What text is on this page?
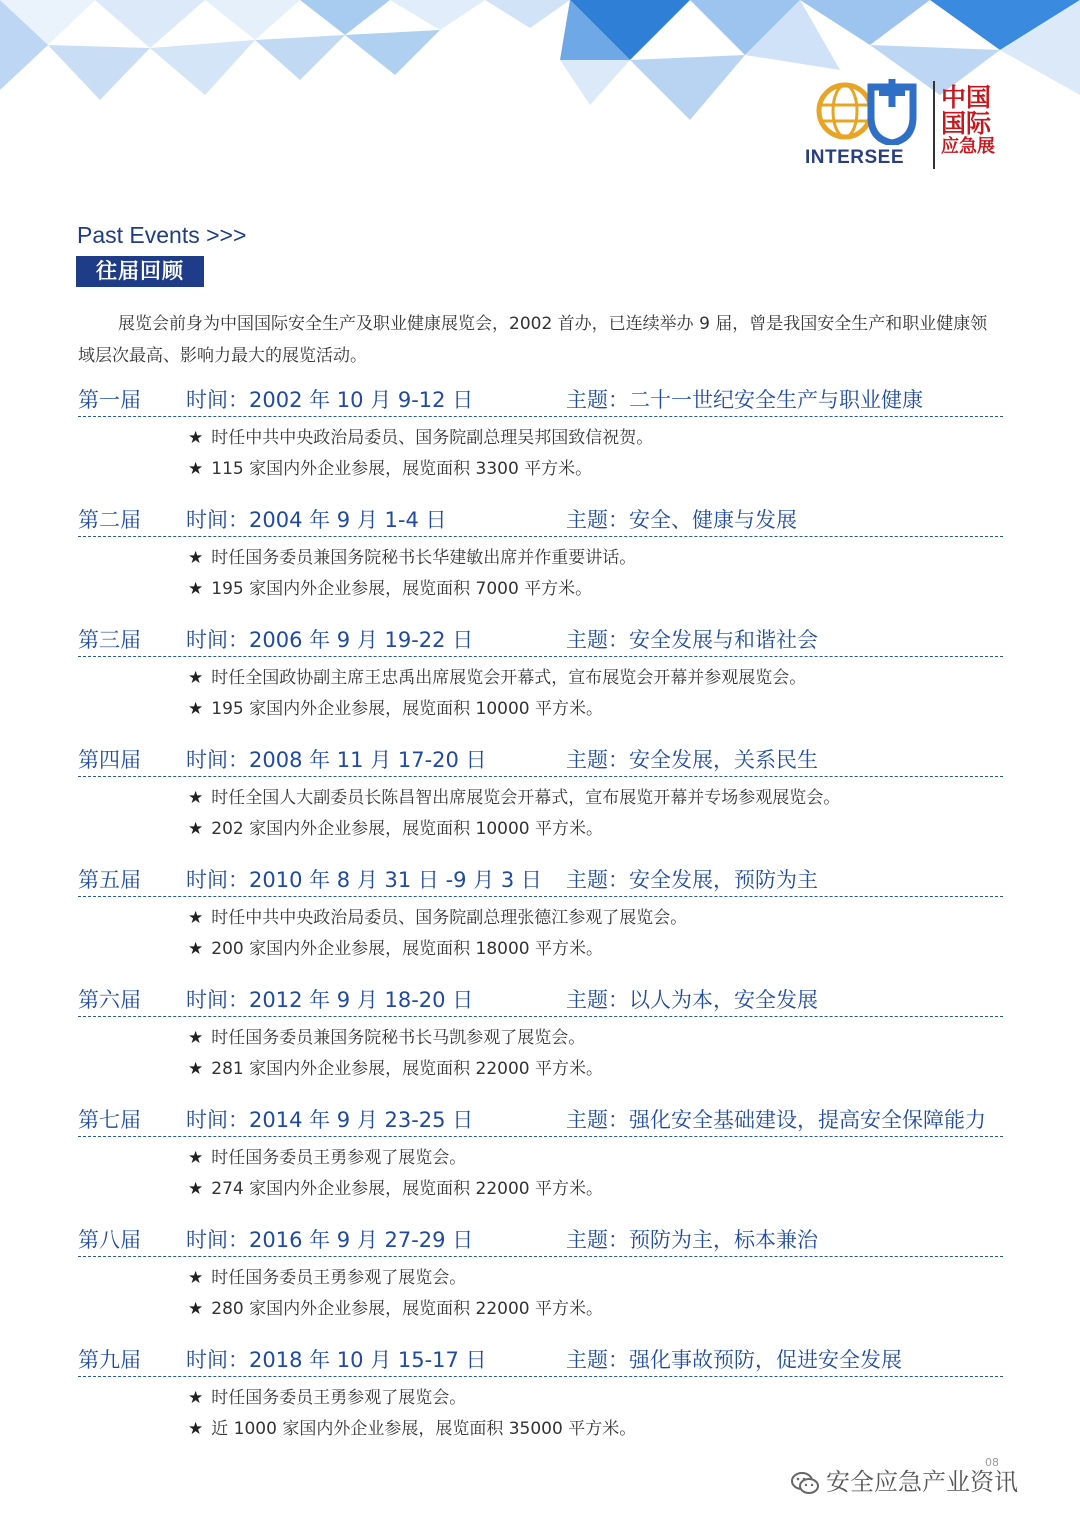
INTERSEE
中国
国际
应急展
Past Events >>>
往届回顾
展览会前身为中国国际安全生产及职业健康展览会，2002 首办，已连续举办 9 届，曾是我国安全生产和职业健康领域层次最高、影响力最大的展览活动。
第一届 时间：2002 年 10 月 9-12 日	主题：二十一世纪安全生产与职业健康
★ 时任中共中央政治局委员、国务院副总理吴邦国致信祝贺。
★ 115 家国内外企业参展，展览面积 3300 平方米。
第二届 时间：2004 年 9 月 1-4 日	主题：安全、健康与发展
★ 时任国务委员兼国务院秘书长华建敏出席并作重要讲话。
★ 195 家国内外企业参展，展览面积 7000 平方米。
第三届 时间：2006 年 9 月 19-22 日	主题：安全发展与和谐社会
★ 时任全国政协副主席王忠禹出席展览会开幕式，宣布展览会开幕并参观展览会。
★ 195 家国内外企业参展，展览面积 10000 平方米。
第四届 时间：2008 年 11 月 17-20 日	主题：安全发展，关系民生
★ 时任全国人大副委员长陈昌智出席展览会开幕式，宣布展览开幕并专场参观展览会。
★ 202 家国内外企业参展，展览面积 10000 平方米。
第五届 时间：2010 年 8 月 31 日 -9 月 3 日 主题：安全发展，预防为主
★ 时任中共中央政治局委员、国务院副总理张德江参观了展览会。
★ 200 家国内外企业参展，展览面积 18000 平方米。
第六届 时间：2012 年 9 月 18-20 日	主题：以人为本，安全发展
★ 时任国务委员兼国务院秘书长马凯参观了展览会。
★ 281 家国内外企业参展，展览面积 22000 平方米。
第七届 时间：2014 年 9 月 23-25 日	主题：强化安全基础建设，提高安全保障能力
★ 时任国务委员王勇参观了展览会。
★ 274 家国内外企业参展，展览面积 22000 平方米。
第八届 时间：2016 年 9 月 27-29 日	主题：预防为主，标本兼治
★ 时任国务委员王勇参观了展览会。
★ 280 家国内外企业参展，展览面积 22000 平方米。
第九届 时间：2018 年 10 月 15-17 日	主题：强化事故预防，促进安全发展
★ 时任国务委员王勇参观了展览会。
★ 近 1000 家国内外企业参展，展览面积 35000 平方米。
安全应急产业资讯
08
